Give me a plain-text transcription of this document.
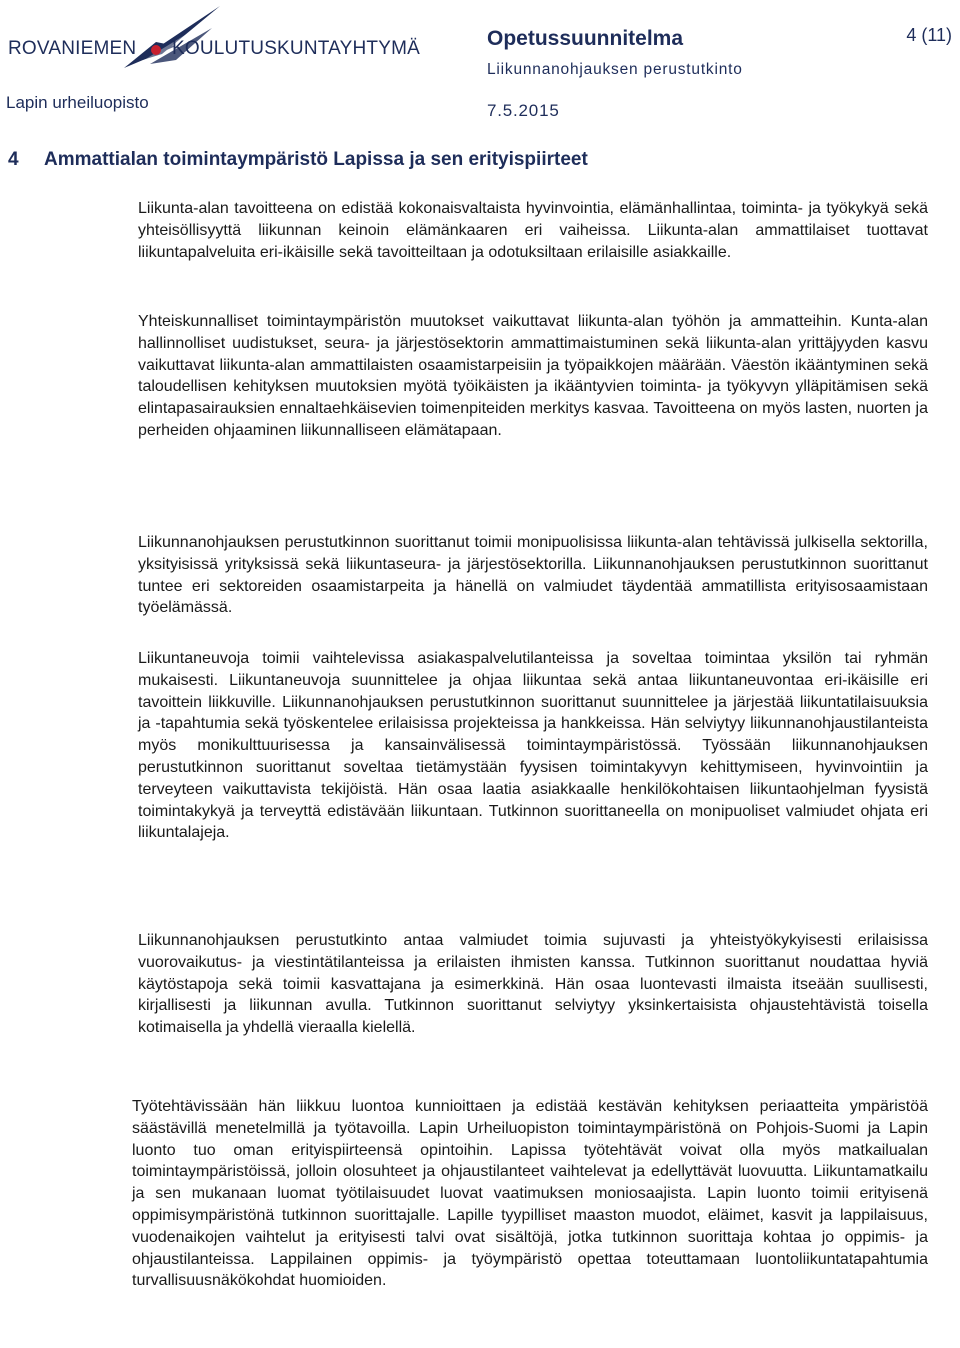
ROVANIEMEN KOULUTUSKUNTAYHTYMÄ
Lapin urheiluopisto
Opetussuunnitelma
Liikunnanohjauksen perustutkinto
7.5.2015
4 (11)
4 Ammattialan toimintaympäristö Lapissa ja sen erityispiirteet

Liikunta-alan tavoitteena on edistää kokonaisvaltaista hyvinvointia, elämänhallintaa, toiminta- ja työkykyä sekä yhteisöllisyyttä liikunnan keinoin elämänkaaren eri vaiheissa. Liikunta-alan ammattilaiset tuottavat liikuntapalveluita eri-ikäisille sekä tavoitteiltaan ja odotuksiltaan erilaisille asiakkaille.

Yhteiskunnalliset toimintaympäristön muutokset vaikuttavat liikunta-alan työhön ja ammatteihin. Kunta-alan hallinnolliset uudistukset, seura- ja järjestösektorin ammattimaistuminen sekä liikunta-alan yrittäjyyden kasvu vaikuttavat liikunta-alan ammattilaisten osaamistarpeisiin ja työpaikkojen määrään. Väestön ikääntyminen sekä taloudellisen kehityksen muutoksien myötä työikäisten ja ikääntyvien toiminta- ja työkyvyn ylläpitämisen sekä elintapasairauksien ennaltaehkäisevien toimenpiteiden merkitys kasvaa. Tavoitteena on myös lasten, nuorten ja perheiden ohjaaminen liikunnalliseen elämätapaan.

Liikunnanohjauksen perustutkinnon suorittanut toimii monipuolisissa liikunta-alan tehtävissä julkisella sektorilla, yksityisissä yrityksissä sekä liikuntaseura- ja järjestösektorilla. Liikunnanohjauksen perustutkinnon suorittanut tuntee eri sektoreiden osaamistarpeita ja hänellä on valmiudet täydentää ammatillista erityisosaamistaan työelämässä.

Liikuntaneuvoja toimii vaihtelevissa asiakaspalvelutilanteissa ja soveltaa toimintaa yksilön tai ryhmän mukaisesti. Liikuntaneuvoja suunnittelee ja ohjaa liikuntaa sekä antaa liikuntaneuvontaa eri-ikäisille eri tavoittein liikkuville. Liikunnanohjauksen perustutkinnon suorittanut suunnittelee ja järjestää liikuntatilaisuuksia ja -tapahtumia sekä työskentelee erilaisissa projekteissa ja hankkeissa. Hän selviytyy liikunnanohjaustilanteista myös monikulttuurisessa ja kansainvälisessä toimintaympäristössä. Työssään liikunnanohjauksen perustutkinnon suorittanut soveltaa tietämystään fyysisen toimintakyvyn kehittymiseen, hyvinvointiin ja terveyteen vaikuttavista tekijöistä. Hän osaa laatia asiakkaalle henkilökohtaisen liikuntaohjelman fyysistä toimintakykyä ja terveyttä edistävään liikuntaan. Tutkinnon suorittaneella on monipuoliset valmiudet ohjata eri liikuntalajeja.

Liikunnanohjauksen perustutkinto antaa valmiudet toimia sujuvasti ja yhteistyökykyisesti erilaisissa vuorovaikutus- ja viestintätilanteissa ja erilaisten ihmisten kanssa. Tutkinnon suorittanut noudattaa hyviä käytöstapoja sekä toimii kasvattajana ja esimerkkinä. Hän osaa luontevasti ilmaista itseään suullisesti, kirjallisesti ja liikunnan avulla. Tutkinnon suorittanut selviytyy yksinkertaisista ohjaustehtävistä toisella kotimaisella ja yhdellä vieraalla kielellä.

Työtehtävissään hän liikkuu luontoa kunnioittaen ja edistää kestävän kehityksen periaatteita ympäristöä säästävillä menetelmillä ja työtavoilla. Lapin Urheiluopiston toimintaympäristönä on Pohjois-Suomi ja Lapin luonto tuo oman erityispiirteensä opintoihin. Lapissa työtehtävät voivat olla myös matkailualan toimintaympäristöissä, jolloin olosuhteet ja ohjaustilanteet vaihtelevat ja edellyttävät luovuutta. Liikuntamatkailu ja sen mukanaan luomat työtilaisuudet luovat vaatimuksen moniosaajista. Lapin luonto toimii erityisenä oppimisympäristönä tutkinnon suorittajalle. Lapille tyypilliset maaston muodot, eläimet, kasvit ja lappilaisuus, vuodenaikojen vaihtelut ja erityisesti talvi ovat sisältöjä, jotka tutkinnon suorittaja kohtaa jo oppimis- ja ohjaustilanteissa. Lappilainen oppimis- ja työympäristö opettaa toteuttamaan luontoliikuntatapahtumia turvallisuusnäkökohdat huomioiden.
